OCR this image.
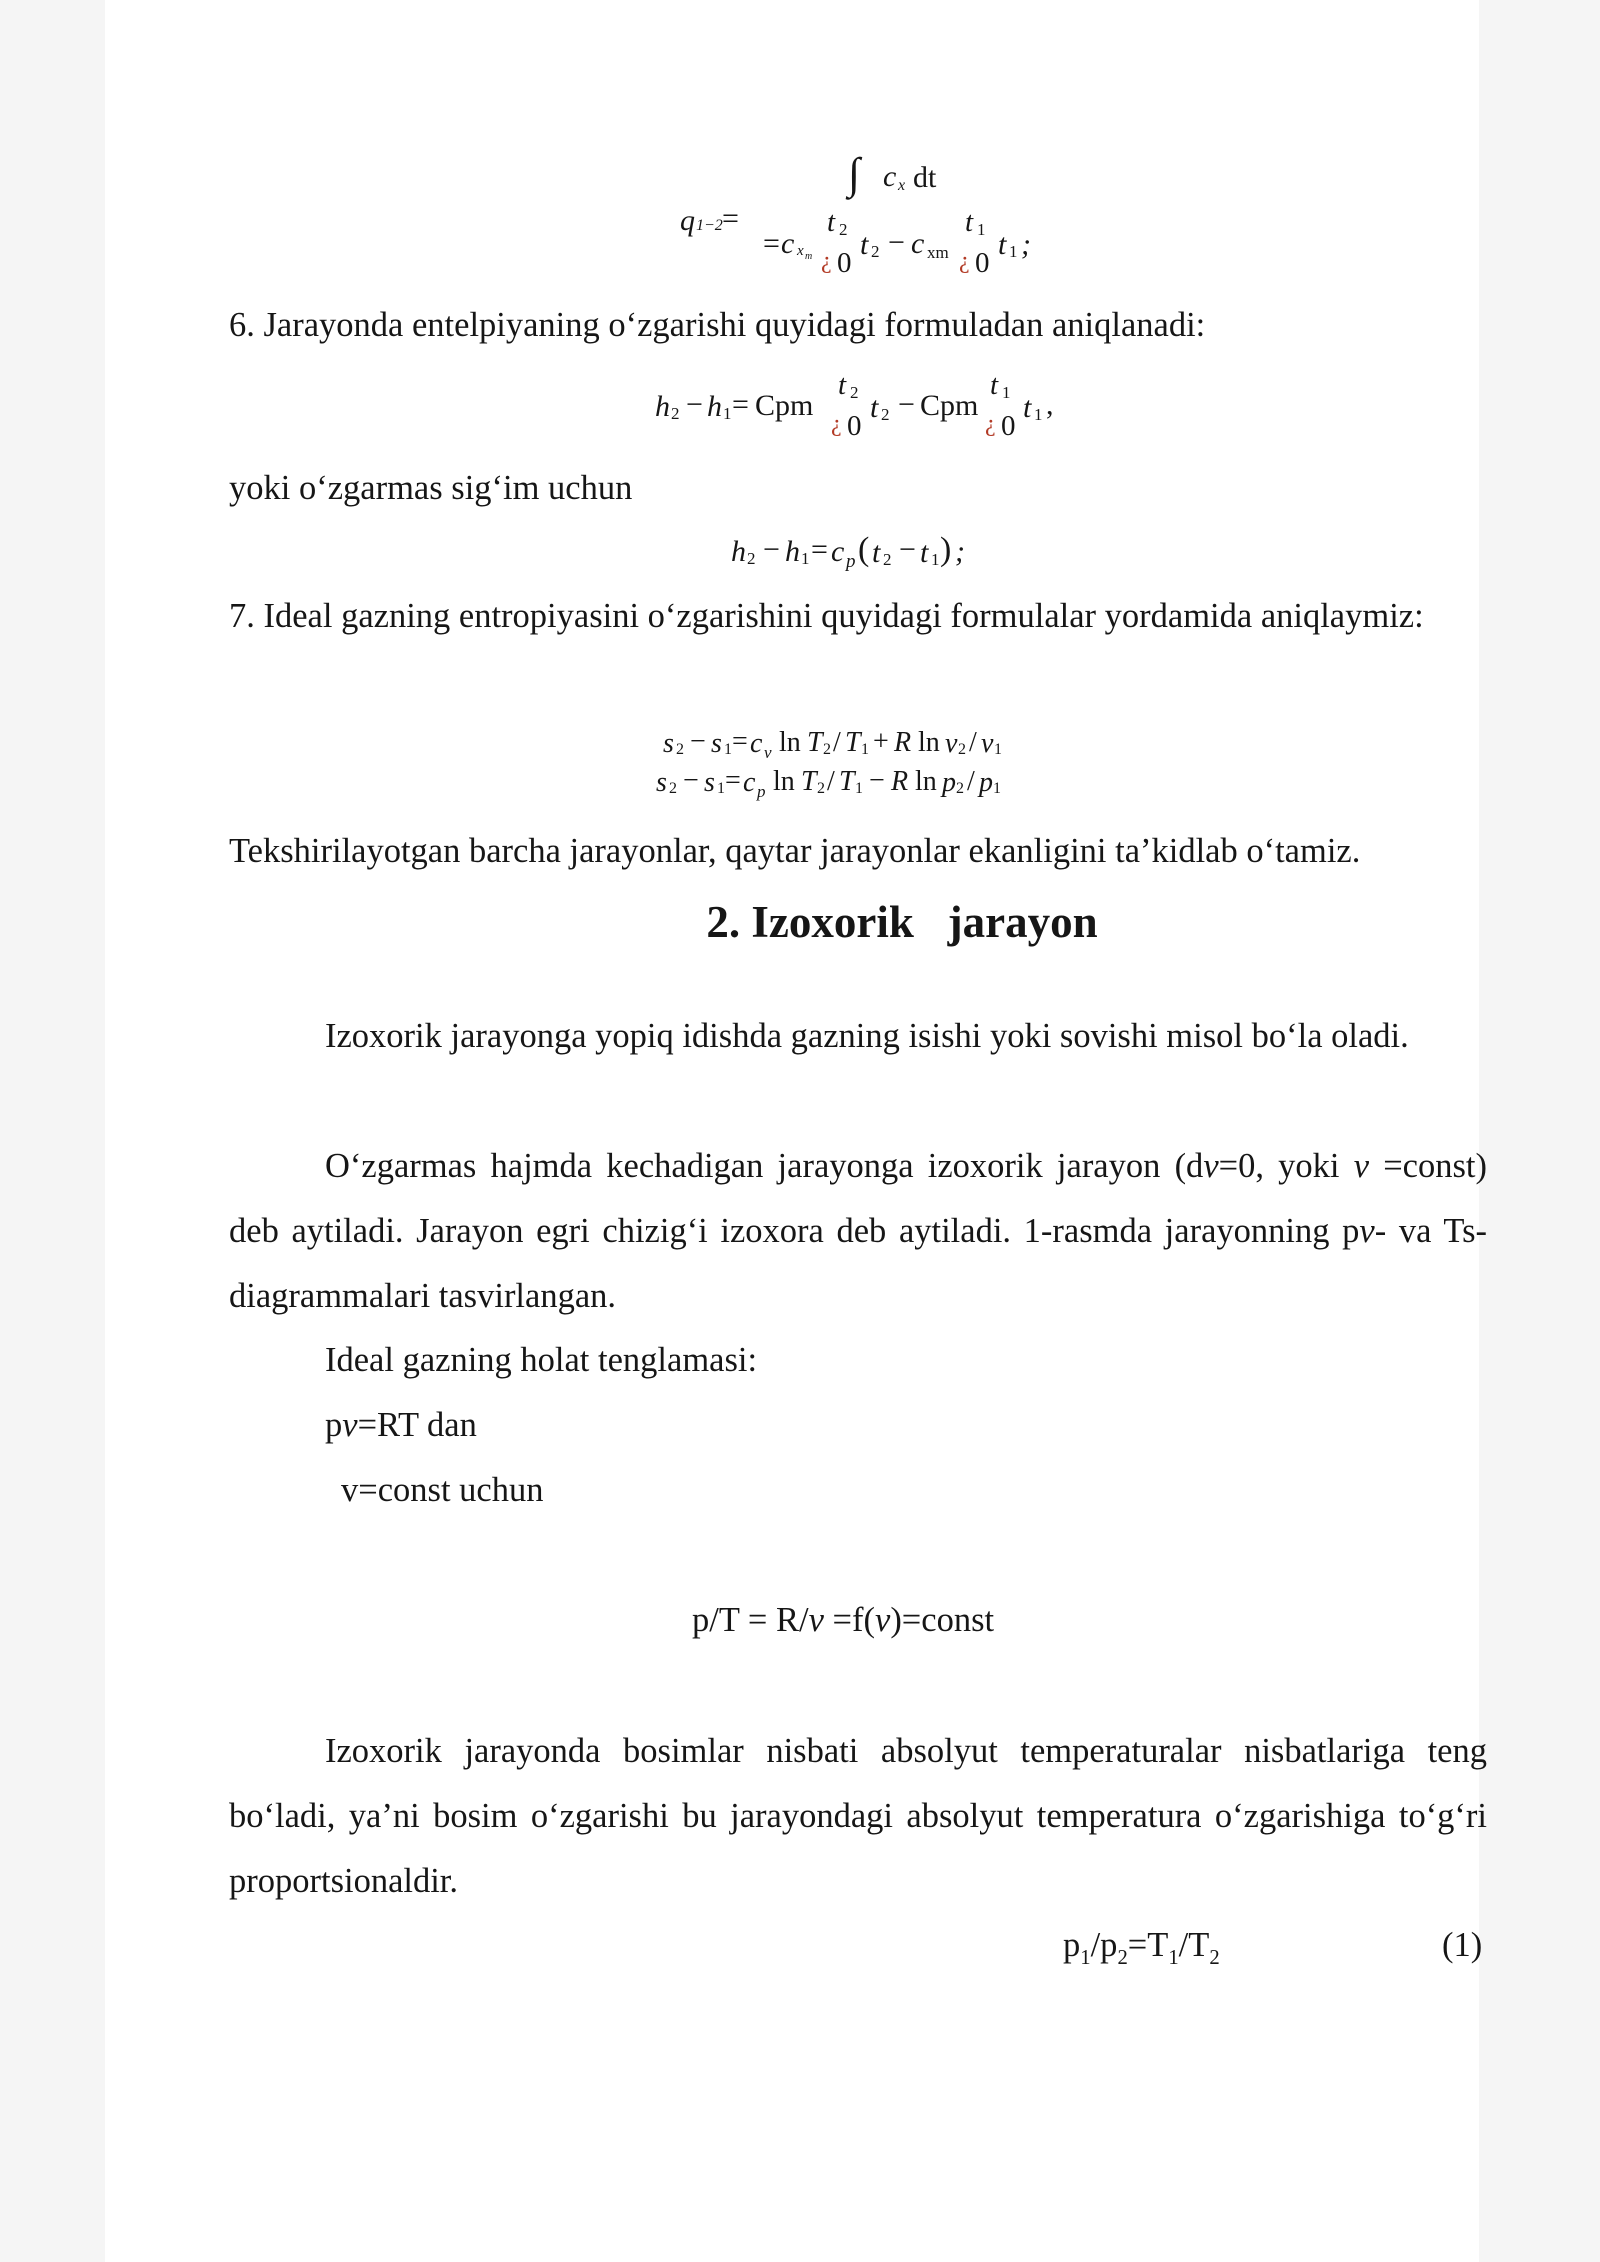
∫ c x dt
q 1−2 =
= c x m
t 2
¿ 0
t 2 − c xm
t 1
¿ 0
t 1 ;
6. Jarayonda entelpiyaning o‘zgarishi quyidagi formuladan aniqlanadi:
h 2 − h 1 = Cpm
t 2
¿ 0
t 2 − Cpm
t 1
¿ 0
t 1 ,
yoki o‘zgarmas sig‘im uchun
h 2 − h 1 = c p ( t 2 − t 1 ) ;
7. Ideal gazning entropiyasini o‘zgarishini quyidagi formulalar yordamida aniqlaymiz:
s 2 − s 1 = c v ln T 2 / T 1 + R ln v 2 / v 1
s 2 − s 1 = c p ln T 2 / T 1 − R ln p 2 / p 1
Tekshirilayotgan barcha jarayonlar, qaytar jarayonlar ekanligini ta’kidlab o‘tamiz.
2. Izoxorik   jarayon
Izoxorik jarayonga yopiq idishda gazning isishi yoki sovishi misol bo‘la oladi.
O‘zgarmas hajmda kechadigan jarayonga izoxorik jarayon (dv=0, yoki v =const) deb aytiladi. Jarayon egri chizig‘i izoxora deb aytiladi. 1-rasmda jarayonning pv- va Ts- diagrammalari tasvirlangan.
Ideal gazning holat tenglamasi:
pv=RT dan
v=const uchun
p/T = R/v =f(v)=const
Izoxorik jarayonda bosimlar nisbati absolyut temperaturalar nisbatlariga teng bo‘ladi, ya’ni bosim o‘zgarishi bu jarayondagi absolyut temperatura o‘zgarishiga to‘g‘ri proportsionaldir.
$p_1/p_2=T_1/T_2$	(1)
